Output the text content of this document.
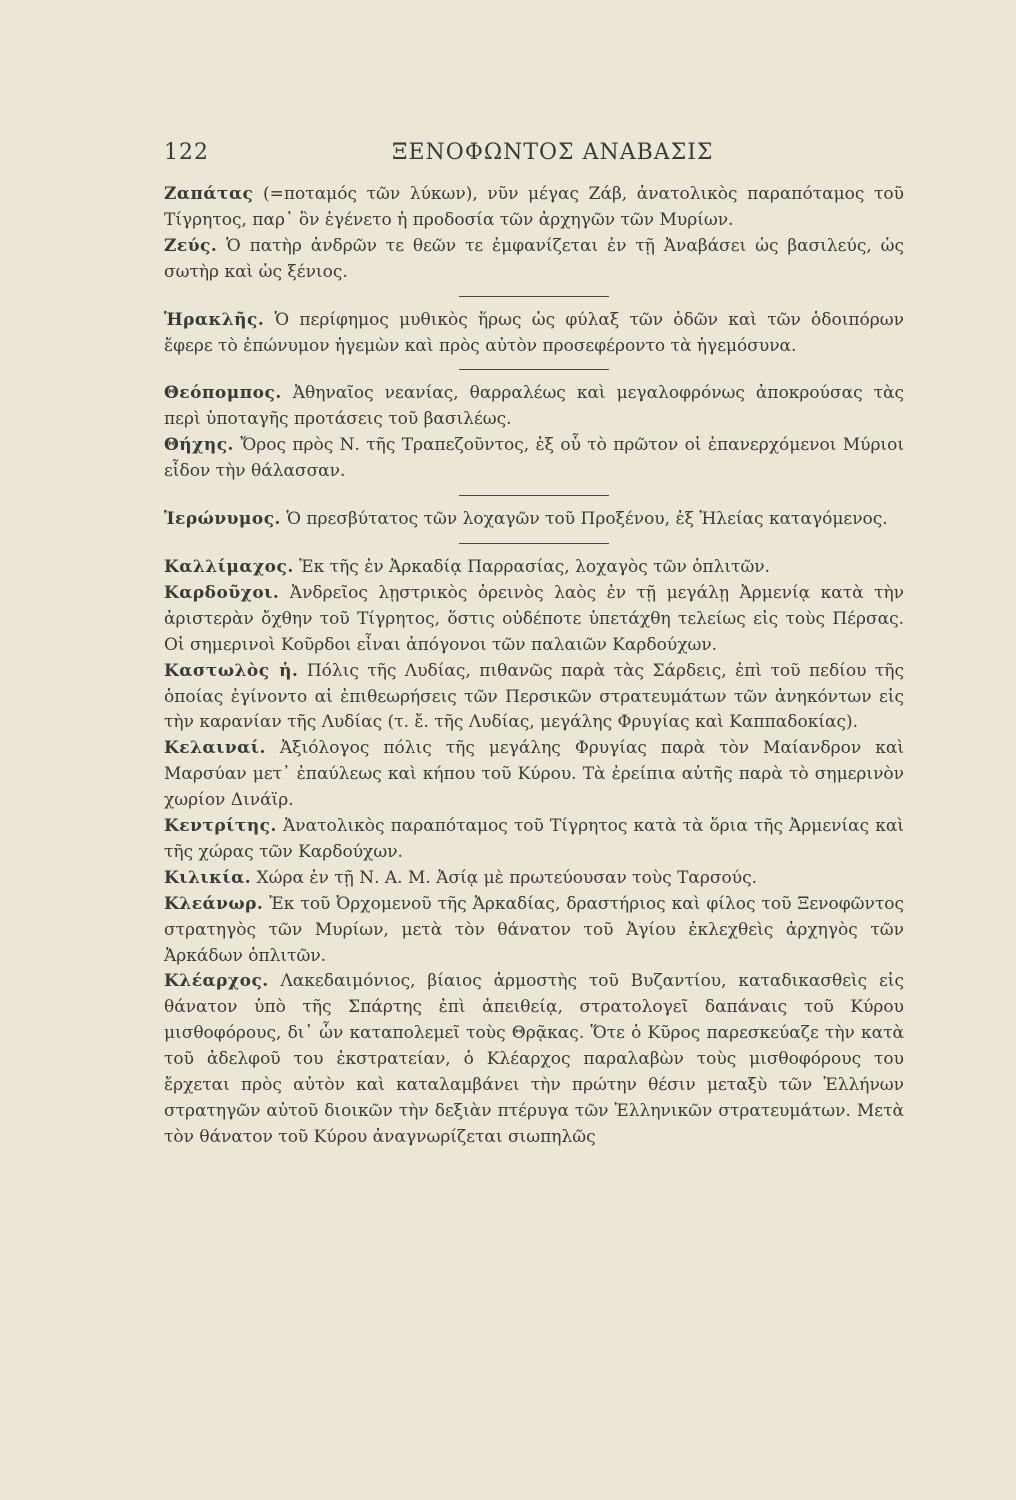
122	ΞΕΝΟΦΩΝΤΟΣ ΑΝΑΒΑΣΙΣ

Ζαπάτας (=ποταμός τῶν λύκων), νῦν μέγας Ζάβ, ἀνατολικὸς παραπόταμος τοῦ Τίγρητος, παρ᾽ ὃν ἐγένετο ἡ προδοσία τῶν ἀρχηγῶν τῶν Μυρίων.

Ζεύς. Ὁ πατὴρ ἀνδρῶν τε θεῶν τε ἐμφανίζεται ἐν τῇ Ἀναβάσει ὡς βασιλεύς, ὡς σωτὴρ καὶ ὡς ξένιος.

Ἡρακλῆς. Ὁ περίφημος μυθικὸς ἥρως ὡς φύλαξ τῶν ὁδῶν καὶ τῶν ὁδοιπόρων ἔφερε τὸ ἐπώνυμον ἡγεμὼν καὶ πρὸς αὐτὸν προσεφέροντο τὰ ἡγεμόσυνα.

Θεόπομπος. Ἀθηναῖος νεανίας, θαρραλέως καὶ μεγαλοφρόνως ἀποκρούσας τὰς περὶ ὑποταγῆς προτάσεις τοῦ βασιλέως.

Θήχης. Ὄρος πρὸς Ν. τῆς Τραπεζοῦντος, ἐξ οὗ τὸ πρῶτον οἱ ἐπανερχόμενοι Μύριοι εἶδον τὴν θάλασσαν.

Ἱερώνυμος. Ὁ πρεσβύτατος τῶν λοχαγῶν τοῦ Προξένου, ἐξ Ἠλείας καταγόμενος.

Καλλίμαχος. Ἐκ τῆς ἐν Ἀρκαδίᾳ Παρρασίας, λοχαγὸς τῶν ὁπλιτῶν.

Καρδοῦχοι. Ἀνδρεῖος λῃστρικὸς ὀρεινὸς λαὸς ἐν τῇ μεγάλῃ Ἀρμενίᾳ κατὰ τὴν ἀριστερὰν ὄχθην τοῦ Τίγρητος, ὅστις οὐδέποτε ὑπετάχθη τελείως εἰς τοὺς Πέρσας. Οἱ σημερινοὶ Κοῦρδοι εἶναι ἀπόγονοι τῶν παλαιῶν Καρδούχων.

Καστωλὸς ἡ. Πόλις τῆς Λυδίας, πιθανῶς παρὰ τὰς Σάρδεις, ἐπὶ τοῦ πεδίου τῆς ὁποίας ἐγίνοντο αἱ ἐπιθεωρήσεις τῶν Περσικῶν στρατευμάτων τῶν ἀνηκόντων εἰς τὴν καρανίαν τῆς Λυδίας (τ. ἔ. τῆς Λυδίας, μεγάλης Φρυγίας καὶ Καππαδοκίας).

Κελαιναί. Ἀξιόλογος πόλις τῆς μεγάλης Φρυγίας παρὰ τὸν Μαίανδρον καὶ Μαρσύαν μετ᾽ ἐπαύλεως καὶ κήπου τοῦ Κύρου. Τὰ ἐρείπια αὐτῆς παρὰ τὸ σημερινὸν χωρίον Δινάϊρ.

Κεντρίτης. Ἀνατολικὸς παραπόταμος τοῦ Τίγρητος κατὰ τὰ ὅρια τῆς Ἀρμενίας καὶ τῆς χώρας τῶν Καρδούχων.

Κιλικία. Χώρα ἐν τῇ Ν. Α. Μ. Ἀσίᾳ μὲ πρωτεύουσαν τοὺς Ταρσούς.

Κλεάνωρ. Ἐκ τοῦ Ὀρχομενοῦ τῆς Ἀρκαδίας, δραστήριος καὶ φίλος τοῦ Ξενοφῶντος στρατηγὸς τῶν Μυρίων, μετὰ τὸν θάνατον τοῦ Ἀγίου ἐκλεχθεὶς ἀρχηγὸς τῶν Ἀρκάδων ὁπλιτῶν.

Κλέαρχος. Λακεδαιμόνιος, βίαιος ἁρμοστὴς τοῦ Βυζαντίου, καταδικασθεὶς εἰς θάνατον ὑπὸ τῆς Σπάρτης ἐπὶ ἀπειθείᾳ, στρατολογεῖ δαπάναις τοῦ Κύρου μισθοφόρους, δι᾽ ὧν καταπολεμεῖ τοὺς Θρᾷκας. Ὅτε ὁ Κῦρος παρεσκεύαζε τὴν κατὰ τοῦ ἀδελφοῦ του ἐκστρατείαν, ὁ Κλέαρχος παραλαβὼν τοὺς μισθοφόρους του ἔρχεται πρὸς αὐτὸν καὶ καταλαμβάνει τὴν πρώτην θέσιν μεταξὺ τῶν Ἑλλήνων στρατηγῶν αὐτοῦ διοικῶν τὴν δεξιὰν πτέρυγα τῶν Ἑλληνικῶν στρατευμάτων. Μετὰ τὸν θάνατον τοῦ Κύρου ἀναγνωρίζεται σιωπηλῶς
